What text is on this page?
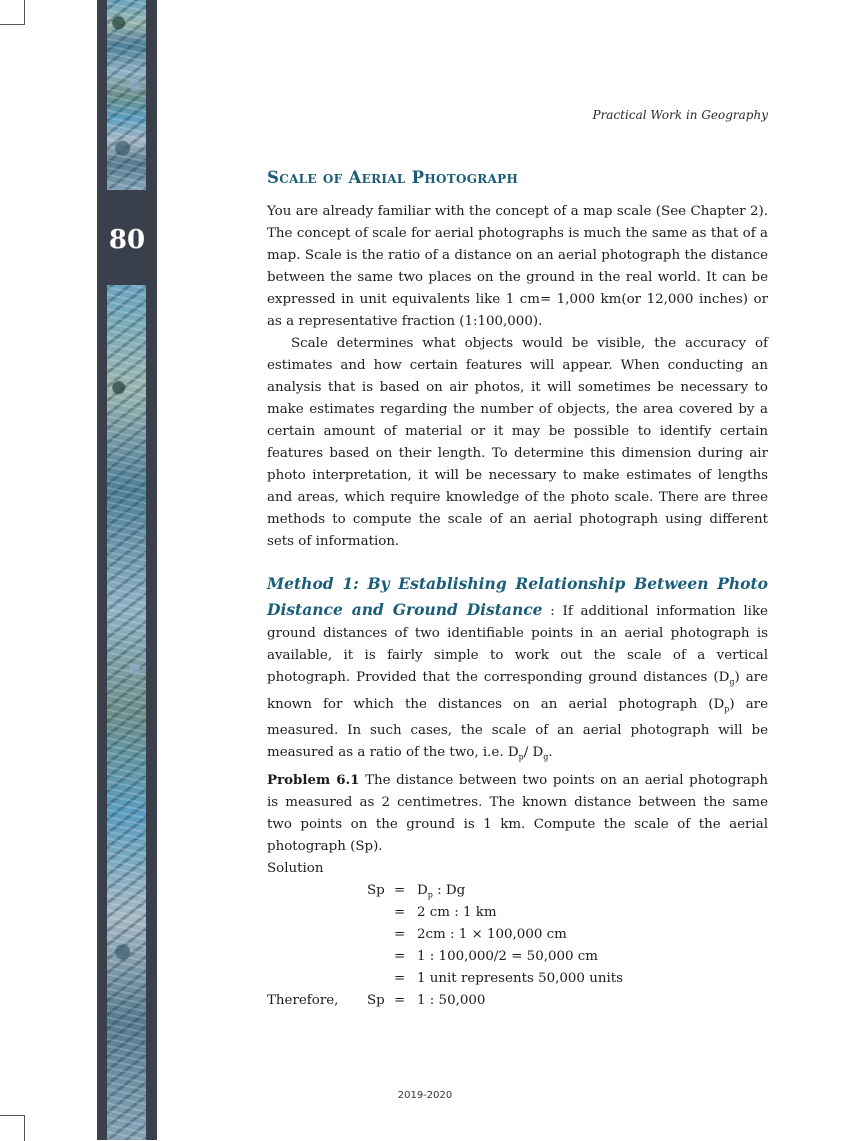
80
Practical Work in Geography
Scale of Aerial Photograph

You are already familiar with the concept of a map scale (See Chapter 2). The concept of scale for aerial photographs is much the same as that of a map. Scale is the ratio of a distance on an aerial photograph the distance between the same two places on the ground in the real world. It can be expressed in unit equivalents like 1 cm= 1,000 km(or 12,000 inches) or as a representative fraction (1:100,000).

Scale determines what objects would be visible, the accuracy of estimates and how certain features will appear. When conducting an analysis that is based on air photos, it will sometimes be necessary to make estimates regarding the number of objects, the area covered by a certain amount of material or it may be possible to identify certain features based on their length. To determine this dimension during air photo interpretation, it will be necessary to make estimates of lengths and areas, which require knowledge of the photo scale. There are three methods to compute the scale of an aerial photograph using different sets of information.

Method 1: By Establishing Relationship Between Photo Distance and Ground Distance : If additional information like ground distances of two identifiable points in an aerial photograph is available, it is fairly simple to work out the scale of a vertical photograph. Provided that the corresponding ground distances $(D_g)$ are known for which the distances on an aerial photograph $(D_p)$ are measured. In such cases, the scale of an aerial photograph will be measured as a ratio of the two, i.e. $D_p/$ $D_g$.

Problem 6.1 The distance between two points on an aerial photograph is measured as 2 centimetres. The known distance between the same two points on the ground is 1 km. Compute the scale of the aerial photograph (Sp).

Solution
$Sp = D_p$ : Dg
= 2 cm : 1 km
= 2cm : 1 × 100,000 cm
= 1 : 100,000/2 = 50,000 cm
= 1 unit represents 50,000 units
Therefore, Sp = 1 : 50,000
2019-2020
